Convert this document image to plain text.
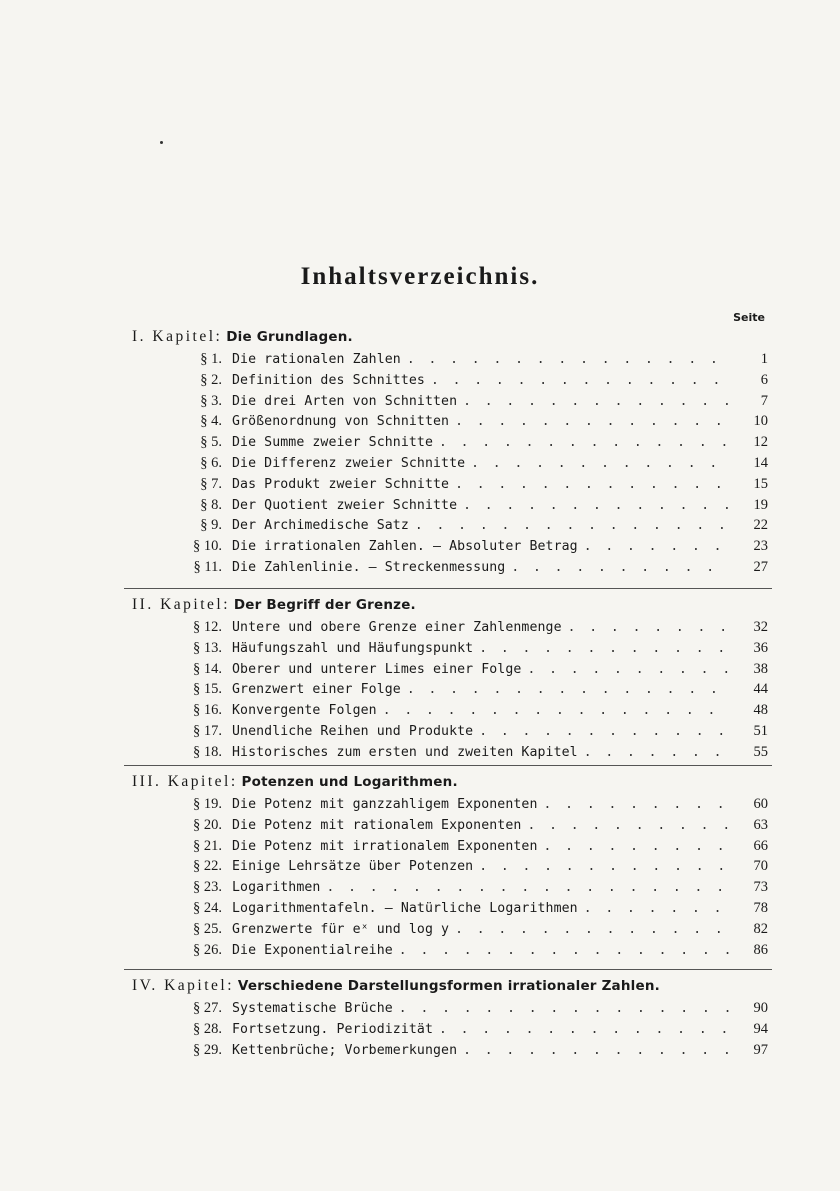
Inhaltsverzeichnis.
Seite
I. Kapitel: Die Grundlagen.
§ 1. Die rationalen Zahlen . . .	1
§ 2. Definition des Schnittes . . .	6
§ 3. Die drei Arten von Schnitten . . .	7
§ 4. Größenordnung von Schnitten . . .	10
§ 5. Die Summe zweier Schnitte . . .	12
§ 6. Die Differenz zweier Schnitte . . .	14
§ 7. Das Produkt zweier Schnitte . . .	15
§ 8. Der Quotient zweier Schnitte . . .	19
§ 9. Der Archimedische Satz . . .	22
§ 10. Die irrationalen Zahlen. — Absoluter Betrag . . .	23
§ 11. Die Zahlenlinie. — Streckenmessung . . .	27
II. Kapitel: Der Begriff der Grenze.
§ 12. Untere und obere Grenze einer Zahlenmenge . . .	32
§ 13. Häufungszahl und Häufungspunkt . . .	36
§ 14. Oberer und unterer Limes einer Folge . . .	38
§ 15. Grenzwert einer Folge . . .	44
§ 16. Konvergente Folgen . . .	48
§ 17. Unendliche Reihen und Produkte . . .	51
§ 18. Historisches zum ersten und zweiten Kapitel . . .	55
III. Kapitel: Potenzen und Logarithmen.
§ 19. Die Potenz mit ganzzahligem Exponenten . . .	60
§ 20. Die Potenz mit rationalem Exponenten . . .	63
§ 21. Die Potenz mit irrationalem Exponenten . . .	66
§ 22. Einige Lehrsätze über Potenzen . . .	70
§ 23. Logarithmen . . .	73
§ 24. Logarithmentafeln. — Natürliche Logarithmen . . .	78
§ 25. Grenzwerte für eˣ und log y . . .	82
§ 26. Die Exponentialreihe . . .	86
IV. Kapitel: Verschiedene Darstellungsformen irrationaler Zahlen.
§ 27. Systematische Brüche . . .	90
§ 28. Fortsetzung. Periodizität . . .	94
§ 29. Kettenbrüche; Vorbemerkungen . . .	97
